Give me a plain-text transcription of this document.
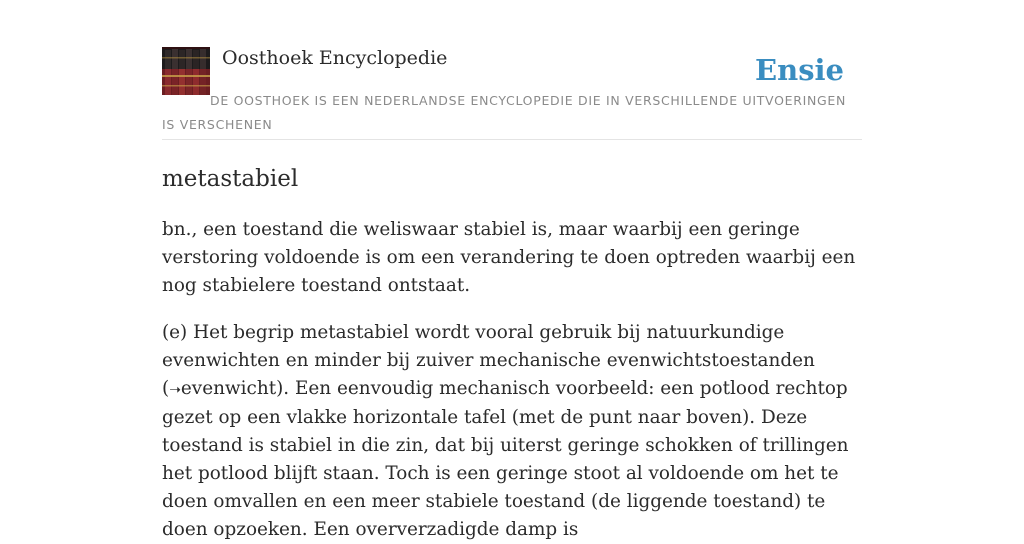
Oosthoek Encyclopedie	Ensie

DE OOSTHOEK IS EEN NEDERLANDSE ENCYCLOPEDIE DIE IN VERSCHILLENDE UITVOERINGEN IS VERSCHENEN

metastabiel

bn., een toestand die weliswaar stabiel is, maar waarbij een geringe verstoring voldoende is om een verandering te doen optreden waarbij een nog stabielere toestand ontstaat.

(e) Het begrip metastabiel wordt vooral gebruik bij natuurkundige evenwichten en minder bij zuiver mechanische evenwichtstoestanden (➝evenwicht). Een eenvoudig mechanisch voorbeeld: een potlood rechtop gezet op een vlakke horizontale tafel (met de punt naar boven). Deze toestand is stabiel in die zin, dat bij uiterst geringe schokken of trillingen het potlood blijft staan. Toch is een geringe stoot al voldoende om het te doen omvallen en een meer stabiele toestand (de liggende toestand) te doen opzoeken. Een oververzadigde damp is
